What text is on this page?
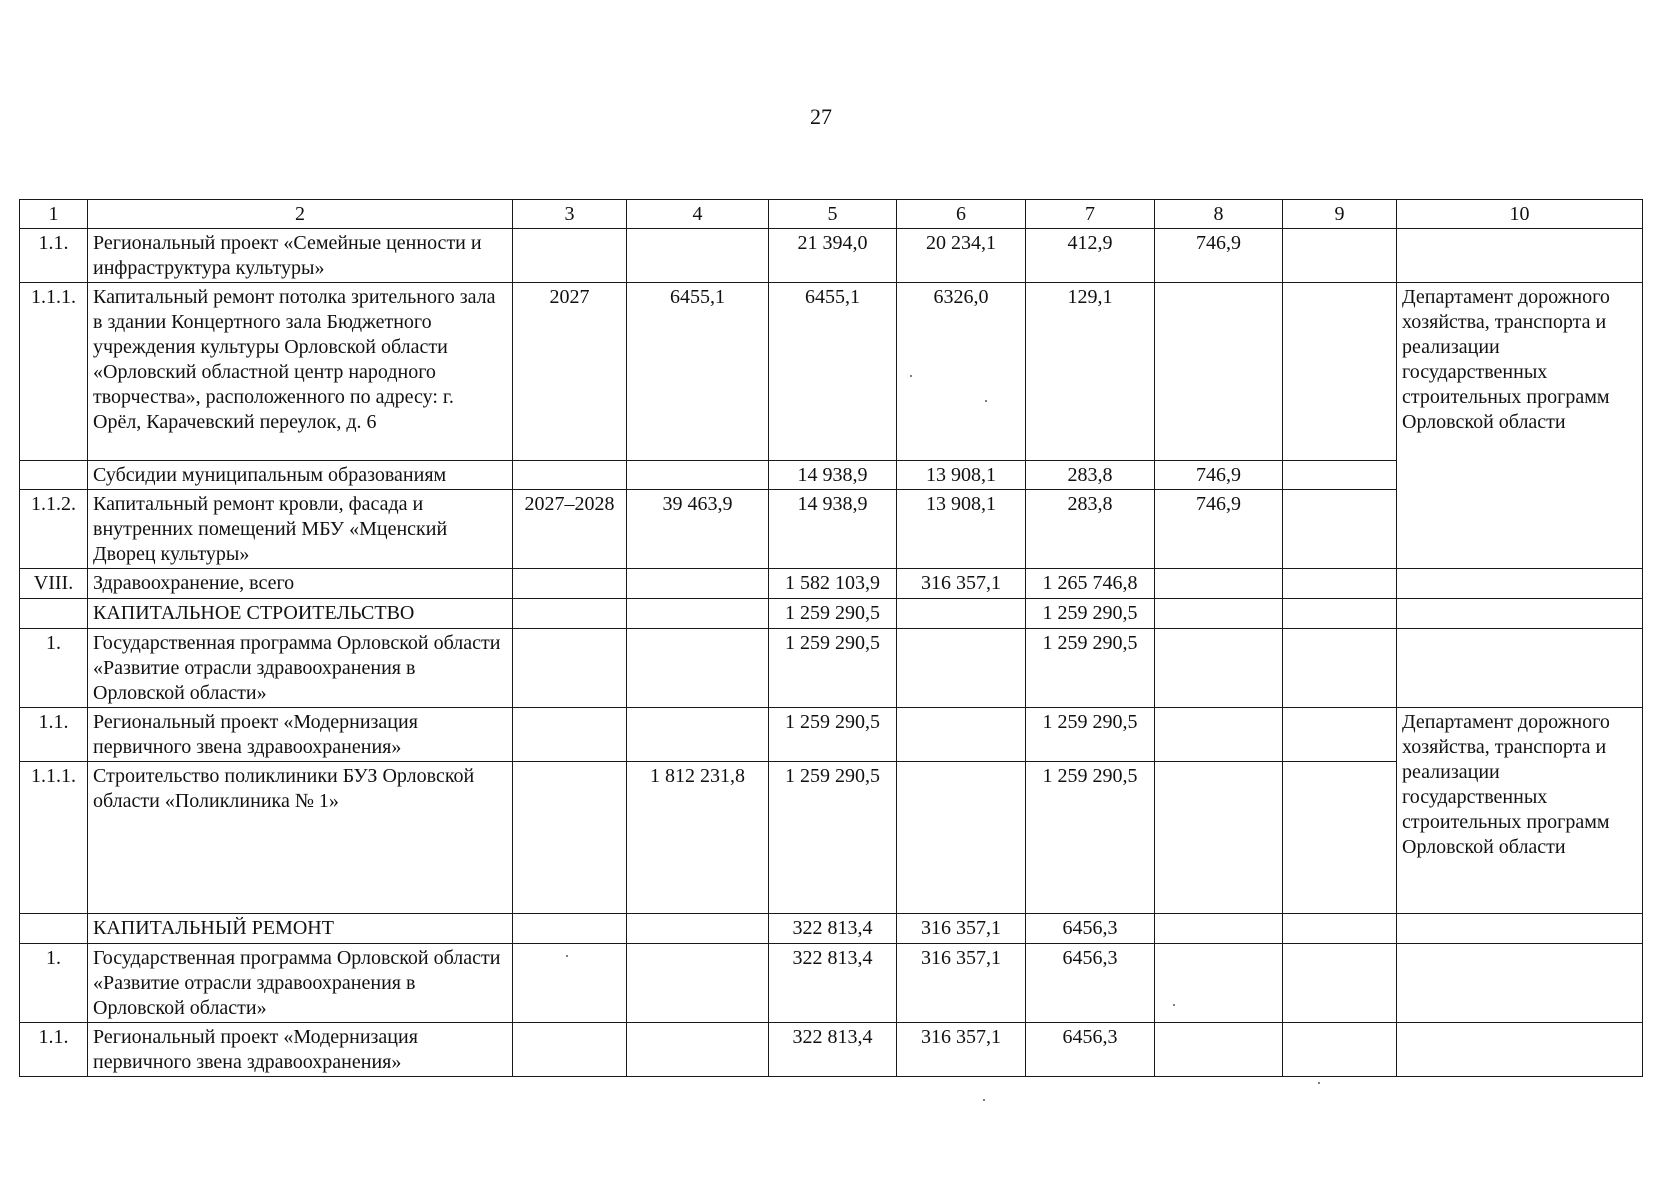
27
1	2	3	4	5	6	7	8	9	10
1.1.	Региональный проект «Семейные ценности и инфраструктура культуры»			21 394,0	20 234,1	412,9	746,9		
1.1.1.	Капитальный ремонт потолка зрительного зала в здании Концертного зала Бюджетного учреждения культуры Орловской области «Орловский областной центр народного творчества», расположенного по адресу: г. Орёл, Карачевский переулок, д. 6	2027	6455,1	6455,1	6326,0	129,1			Департамент дорожного хозяйства, транспорта и реализации государственных строительных программ Орловской области
	Субсидии муниципальным образованиям			14 938,9	13 908,1	283,8	746,9		
1.1.2.	Капитальный ремонт кровли, фасада и внутренних помещений МБУ «Мценский Дворец культуры»	2027–2028	39 463,9	14 938,9	13 908,1	283,8	746,9		
VIII.	Здравоохранение, всего			1 582 103,9	316 357,1	1 265 746,8			
	КАПИТАЛЬНОЕ СТРОИТЕЛЬСТВО			1 259 290,5		1 259 290,5			
1.	Государственная программа Орловской области «Развитие отрасли здравоохранения в Орловской области»			1 259 290,5		1 259 290,5			
1.1.	Региональный проект «Модернизация первичного звена здравоохранения»			1 259 290,5		1 259 290,5			Департамент дорожного хозяйства, транспорта и реализации государственных строительных программ Орловской области
1.1.1.	Строительство поликлиники БУЗ Орловской области «Поликлиника № 1»		1 812 231,8	1 259 290,5		1 259 290,5			
	КАПИТАЛЬНЫЙ РЕМОНТ			322 813,4	316 357,1	6456,3			
1.	Государственная программа Орловской области «Развитие отрасли здравоохранения в Орловской области»			322 813,4	316 357,1	6456,3			
1.1.	Региональный проект «Модернизация первичного звена здравоохранения»			322 813,4	316 357,1	6456,3			
